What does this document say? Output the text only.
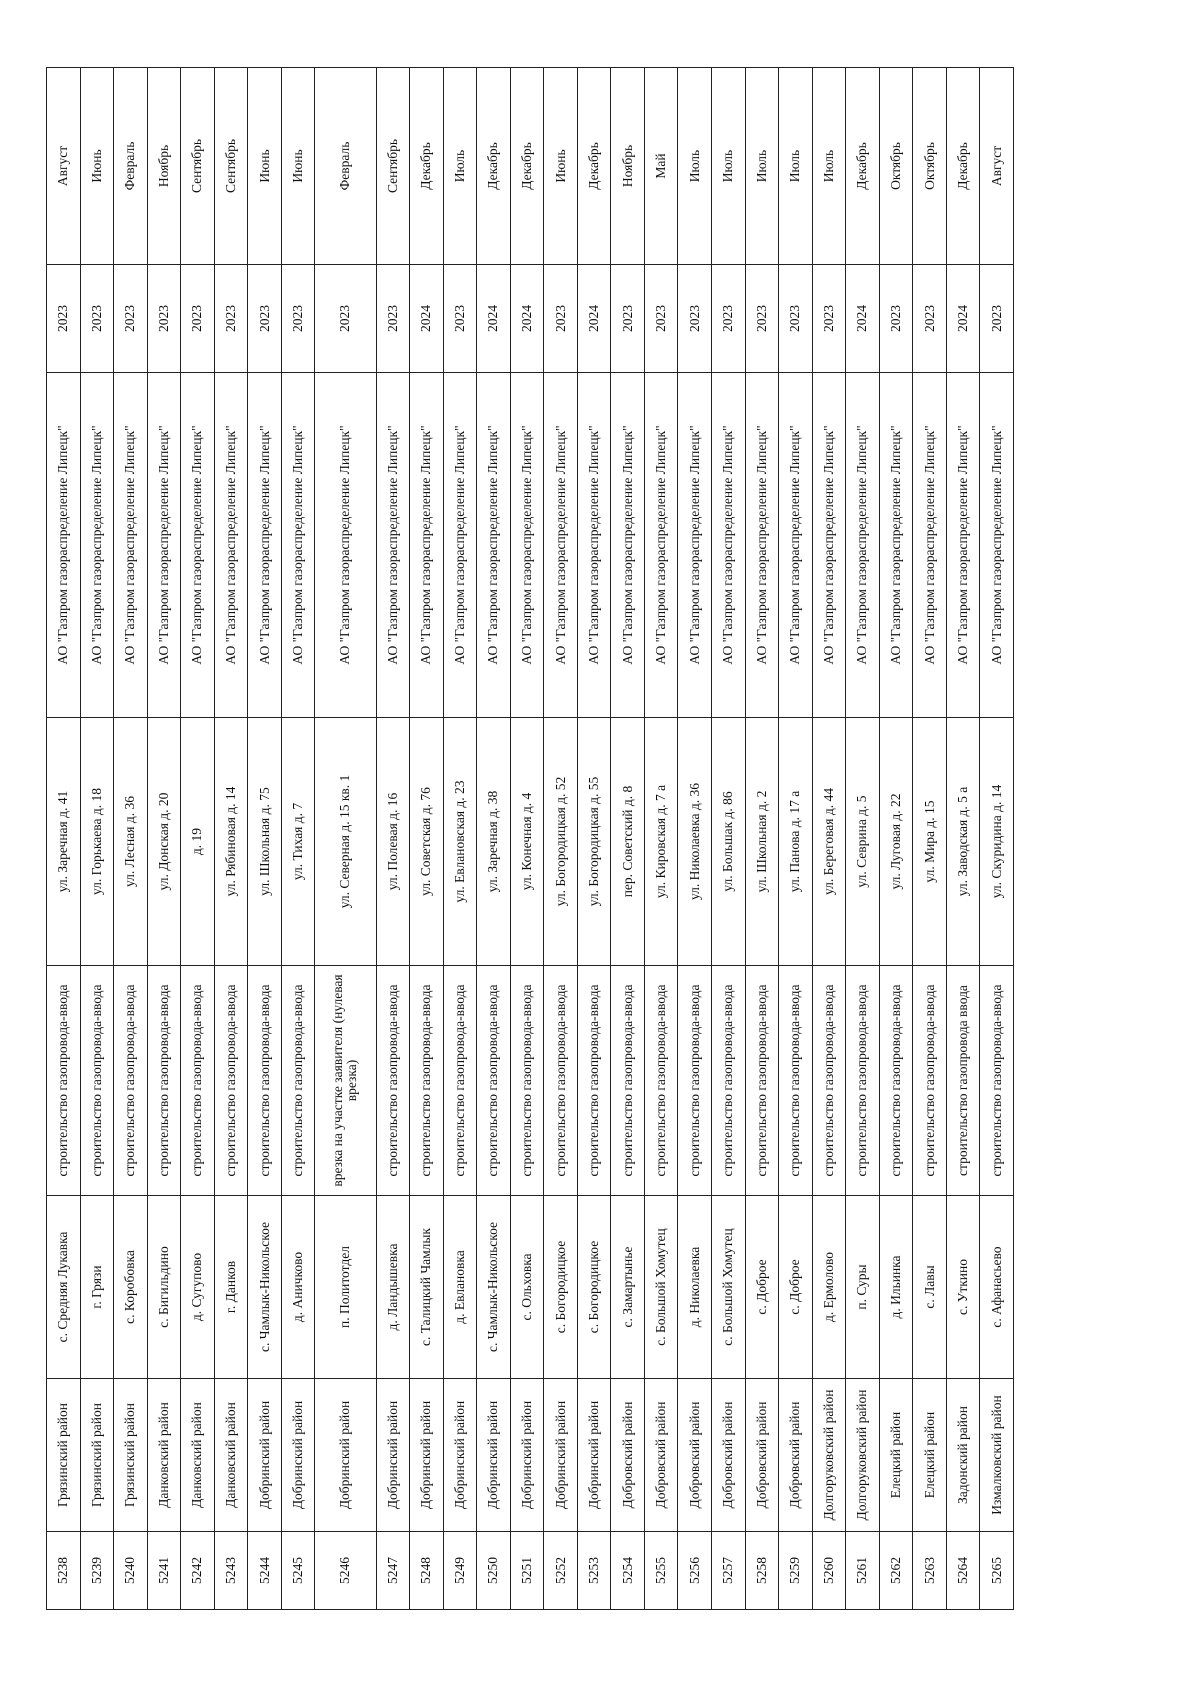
5238	Грязинский район	с. Средняя Лукавка	строительство газопровода-ввода	ул. Заречная д. 41	АО "Газпром газораспределение Липецк"	2023	Август
5239	Грязинский район	г. Грязи	строительство газопровода-ввода	ул. Горькаева д. 18	АО "Газпром газораспределение Липецк"	2023	Июнь
5240	Грязинский район	с. Коробовка	строительство газопровода-ввода	ул. Лесная д. 36	АО "Газпром газораспределение Липецк"	2023	Февраль
5241	Данковский район	с. Бигильдино	строительство газопровода-ввода	ул. Донская д. 20	АО "Газпром газораспределение Липецк"	2023	Ноябрь
5242	Данковский район	д. Сугупово	строительство газопровода-ввода	д. 19	АО "Газпром газораспределение Липецк"	2023	Сентябрь
5243	Данковский район	г. Данков	строительство газопровода-ввода	ул. Рябиновая д. 14	АО "Газпром газораспределение Липецк"	2023	Сентябрь
5244	Добринский район	с. Чамлык-Никольское	строительство газопровода-ввода	ул. Школьная д. 75	АО "Газпром газораспределение Липецк"	2023	Июнь
5245	Добринский район	д. Аничково	строительство газопровода-ввода	ул. Тихая д. 7	АО "Газпром газораспределение Липецк"	2023	Июнь
5246	Добринский район	п. Политотдел	врезка на участке заявителя (нулевая врезка)	ул. Северная д. 15 кв. 1	АО "Газпром газораспределение Липецк"	2023	Февраль
5247	Добринский район	д. Ландышевка	строительство газопровода-ввода	ул. Полевая д. 16	АО "Газпром газораспределение Липецк"	2023	Сентябрь
5248	Добринский район	с. Талицкий Чамлык	строительство газопровода-ввода	ул. Советская д. 76	АО "Газпром газораспределение Липецк"	2024	Декабрь
5249	Добринский район	д. Евлановка	строительство газопровода-ввода	ул. Евлановская д. 23	АО "Газпром газораспределение Липецк"	2023	Июль
5250	Добринский район	с. Чамлык-Никольское	строительство газопровода-ввода	ул. Заречная д. 38	АО "Газпром газораспределение Липецк"	2024	Декабрь
5251	Добринский район	с. Ольховка	строительство газопровода-ввода	ул. Конечная д. 4	АО "Газпром газораспределение Липецк"	2024	Декабрь
5252	Добринский район	с. Богородицкое	строительство газопровода-ввода	ул. Богородицкая д. 52	АО "Газпром газораспределение Липецк"	2023	Июнь
5253	Добринский район	с. Богородицкое	строительство газопровода-ввода	ул. Богородицкая д. 55	АО "Газпром газораспределение Липецк"	2024	Декабрь
5254	Добровский район	с. Замартынье	строительство газопровода-ввода	пер. Советский д. 8	АО "Газпром газораспределение Липецк"	2023	Ноябрь
5255	Добровский район	с. Большой Хомутец	строительство газопровода-ввода	ул. Кировская д. 7 а	АО "Газпром газораспределение Липецк"	2023	Май
5256	Добровский район	д. Николаевка	строительство газопровода-ввода	ул. Николаевка д. 36	АО "Газпром газораспределение Липецк"	2023	Июль
5257	Добровский район	с. Большой Хомутец	строительство газопровода-ввода	ул. Большак д. 86	АО "Газпром газораспределение Липецк"	2023	Июль
5258	Добровский район	с. Доброе	строительство газопровода-ввода	ул. Школьная д. 2	АО "Газпром газораспределение Липецк"	2023	Июль
5259	Добровский район	с. Доброе	строительство газопровода-ввода	ул. Панова д. 17 а	АО "Газпром газораспределение Липецк"	2023	Июль
5260	Долгоруковский район	д. Ермолово	строительство газопровода-ввода	ул. Береговая д. 44	АО "Газпром газораспределение Липецк"	2023	Июль
5261	Долгоруковский район	п. Суры	строительство газопровода-ввода	ул. Севрина д. 5	АО "Газпром газораспределение Липецк"	2024	Декабрь
5262	Елецкий район	д. Ильинка	строительство газопровода-ввода	ул. Луговая д. 22	АО "Газпром газораспределение Липецк"	2023	Октябрь
5263	Елецкий район	с. Лавы	строительство газопровода-ввода	ул. Мира д. 15	АО "Газпром газораспределение Липецк"	2023	Октябрь
5264	Задонский район	с. Уткино	строительство газопровода ввода	ул. Заводская д. 5 а	АО "Газпром газораспределение Липецк"	2024	Декабрь
5265	Измалковский район	с. Афанасьево	строительство газопровода-ввода	ул. Скуридина д. 14	АО "Газпром газораспределение Липецк"	2023	Август
